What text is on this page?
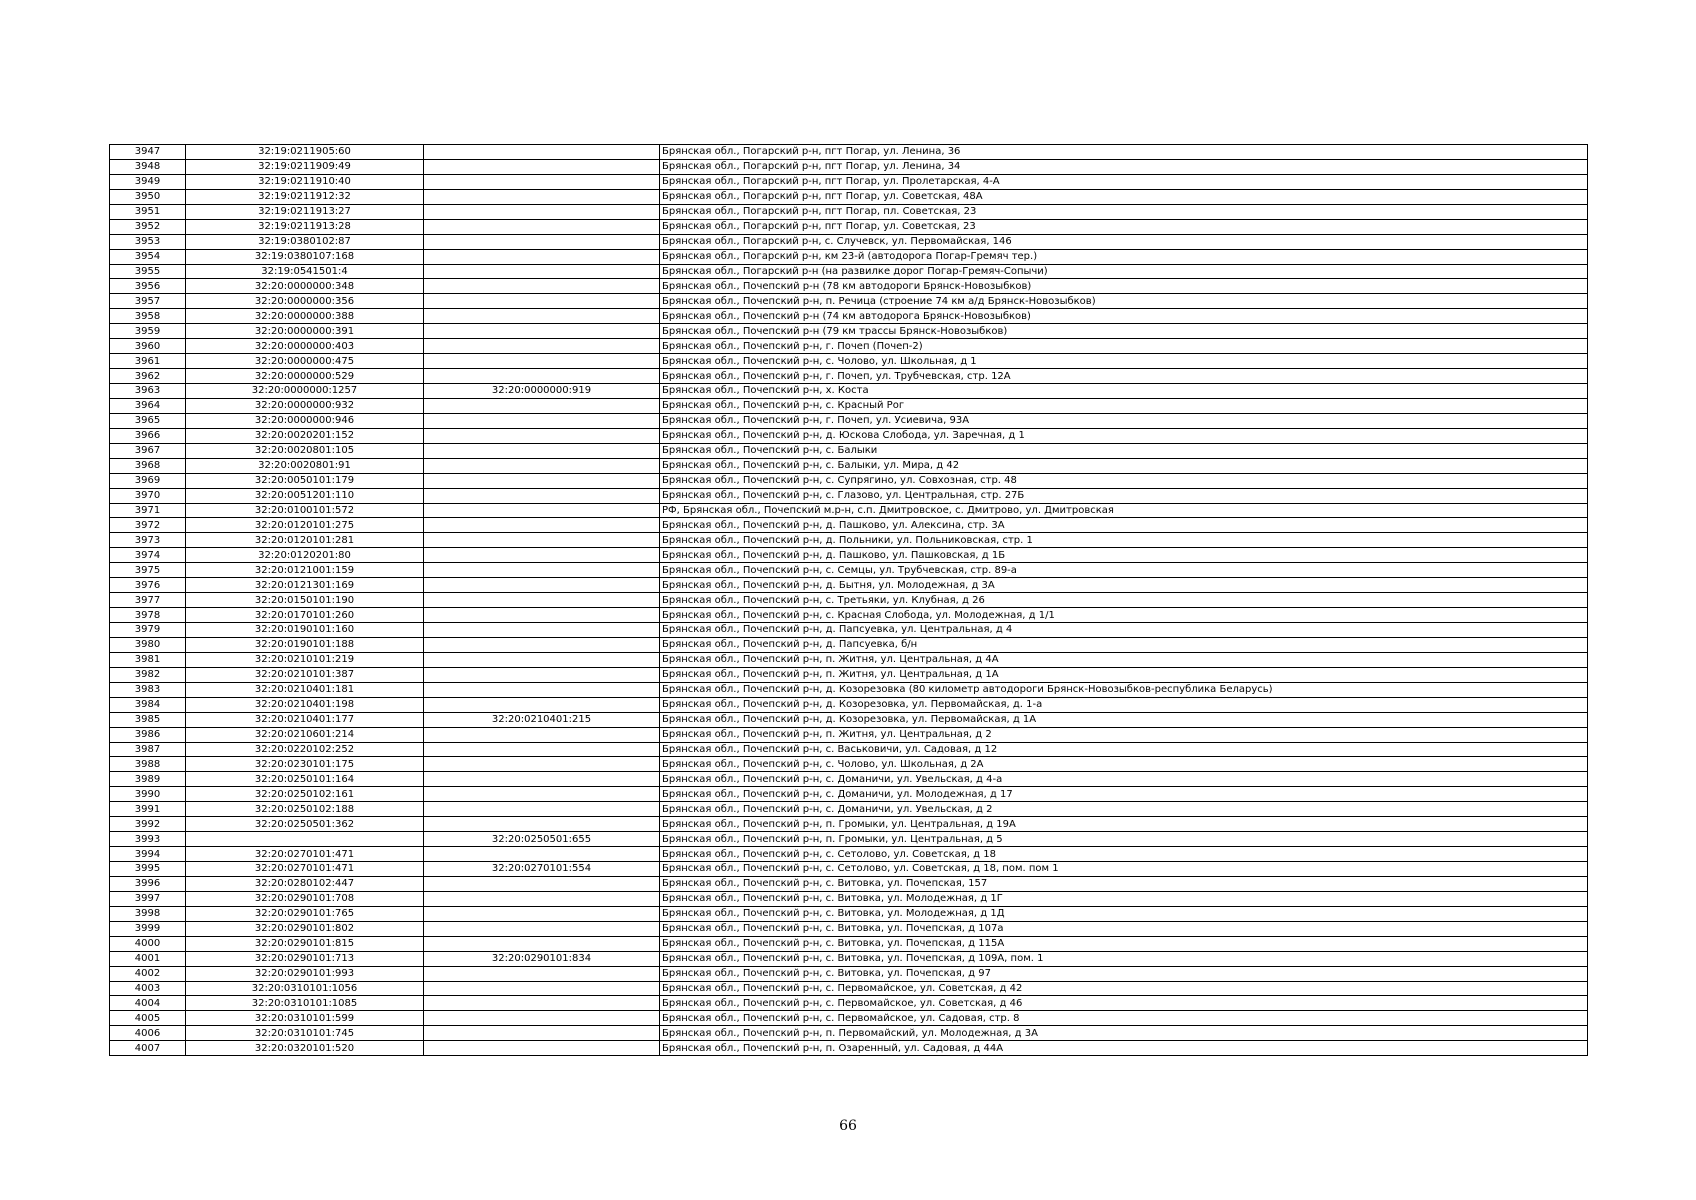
3947	32:19:0211905:60		Брянская обл., Погарский р-н, пгт Погар, ул. Ленина, 36
3948	32:19:0211909:49		Брянская обл., Погарский р-н, пгт Погар, ул. Ленина, 34
3949	32:19:0211910:40		Брянская обл., Погарский р-н, пгт Погар, ул. Пролетарская, 4-А
3950	32:19:0211912:32		Брянская обл., Погарский р-н, пгт Погар, ул. Советская, 48А
3951	32:19:0211913:27		Брянская обл., Погарский р-н, пгт Погар, пл. Советская, 23
3952	32:19:0211913:28		Брянская обл., Погарский р-н, пгт Погар, ул. Советская, 23
3953	32:19:0380102:87		Брянская обл., Погарский р-н, с. Случевск, ул. Первомайская, 146
3954	32:19:0380107:168		Брянская обл., Погарский р-н, км 23-й (автодорога Погар-Гремяч тер.)
3955	32:19:0541501:4		Брянская обл., Погарский р-н (на развилке дорог Погар-Гремяч-Сопычи)
3956	32:20:0000000:348		Брянская обл., Почепский р-н (78 км автодороги Брянск-Новозыбков)
3957	32:20:0000000:356		Брянская обл., Почепский р-н, п. Речица (строение 74 км а/д Брянск-Новозыбков)
3958	32:20:0000000:388		Брянская обл., Почепский р-н (74 км автодорога Брянск-Новозыбков)
3959	32:20:0000000:391		Брянская обл., Почепский р-н (79 км трассы Брянск-Новозыбков)
3960	32:20:0000000:403		Брянская обл., Почепский р-н, г. Почеп (Почеп-2)
3961	32:20:0000000:475		Брянская обл., Почепский р-н, с. Чолово, ул. Школьная, д 1
3962	32:20:0000000:529		Брянская обл., Почепский р-н, г. Почеп, ул. Трубчевская, стр. 12А
3963	32:20:0000000:1257	32:20:0000000:919	Брянская обл., Почепский р-н, х. Коста
3964	32:20:0000000:932		Брянская обл., Почепский р-н, с. Красный Рог
3965	32:20:0000000:946		Брянская обл., Почепский р-н, г. Почеп, ул. Усиевича, 93А
3966	32:20:0020201:152		Брянская обл., Почепский р-н, д. Юскова Слобода, ул. Заречная, д 1
3967	32:20:0020801:105		Брянская обл., Почепский р-н, с. Балыки
3968	32:20:0020801:91		Брянская обл., Почепский р-н, с. Балыки, ул. Мира, д 42
3969	32:20:0050101:179		Брянская обл., Почепский р-н, с. Супрягино, ул. Совхозная, стр. 48
3970	32:20:0051201:110		Брянская обл., Почепский р-н, с. Глазово, ул. Центральная, стр. 27Б
3971	32:20:0100101:572		РФ, Брянская обл., Почепский м.р-н, с.п. Дмитровское, с. Дмитрово, ул. Дмитровская
3972	32:20:0120101:275		Брянская обл., Почепский р-н, д. Пашково, ул. Алексина, стр. 3А
3973	32:20:0120101:281		Брянская обл., Почепский р-н, д. Польники, ул. Польниковская, стр. 1
3974	32:20:0120201:80		Брянская обл., Почепский р-н, д. Пашково, ул. Пашковская, д 1Б
3975	32:20:0121001:159		Брянская обл., Почепский р-н, с. Семцы, ул. Трубчевская, стр. 89-а
3976	32:20:0121301:169		Брянская обл., Почепский р-н, д. Бытня, ул. Молодежная, д 3А
3977	32:20:0150101:190		Брянская обл., Почепский р-н, с. Третьяки, ул. Клубная, д 26
3978	32:20:0170101:260		Брянская обл., Почепский р-н, с. Красная Слобода, ул. Молодежная, д 1/1
3979	32:20:0190101:160		Брянская обл., Почепский р-н, д. Папсуевка, ул. Центральная, д 4
3980	32:20:0190101:188		Брянская обл., Почепский р-н, д. Папсуевка, б/н
3981	32:20:0210101:219		Брянская обл., Почепский р-н, п. Житня, ул. Центральная, д 4А
3982	32:20:0210101:387		Брянская обл., Почепский р-н, п. Житня, ул. Центральная, д 1А
3983	32:20:0210401:181		Брянская обл., Почепский р-н, д. Козорезовка (80 километр автодороги Брянск-Новозыбков-республика Беларусь)
3984	32:20:0210401:198		Брянская обл., Почепский р-н, д. Козорезовка, ул. Первомайская, д. 1-а
3985	32:20:0210401:177	32:20:0210401:215	Брянская обл., Почепский р-н, д. Козорезовка, ул. Первомайская, д 1А
3986	32:20:0210601:214		Брянская обл., Почепский р-н, п. Житня, ул. Центральная, д 2
3987	32:20:0220102:252		Брянская обл., Почепский р-н, с. Васьковичи, ул. Садовая, д 12
3988	32:20:0230101:175		Брянская обл., Почепский р-н, с. Чолово, ул. Школьная, д 2А
3989	32:20:0250101:164		Брянская обл., Почепский р-н, с. Доманичи, ул. Увельская, д 4-а
3990	32:20:0250102:161		Брянская обл., Почепский р-н, с. Доманичи, ул. Молодежная, д 17
3991	32:20:0250102:188		Брянская обл., Почепский р-н, с. Доманичи, ул. Увельская, д 2
3992	32:20:0250501:362		Брянская обл., Почепский р-н, п. Громыки, ул. Центральная, д 19А
3993		32:20:0250501:655	Брянская обл., Почепский р-н, п. Громыки, ул. Центральная, д 5
3994	32:20:0270101:471		Брянская обл., Почепский р-н, с. Сетолово, ул. Советская, д 18
3995	32:20:0270101:471	32:20:0270101:554	Брянская обл., Почепский р-н, с. Сетолово, ул. Советская, д 18, пом. пом 1
3996	32:20:0280102:447		Брянская обл., Почепский р-н, с. Витовка, ул. Почепская, 157
3997	32:20:0290101:708		Брянская обл., Почепский р-н, с. Витовка, ул. Молодежная, д 1Г
3998	32:20:0290101:765		Брянская обл., Почепский р-н, с. Витовка, ул. Молодежная, д 1Д
3999	32:20:0290101:802		Брянская обл., Почепский р-н, с. Витовка, ул. Почепская, д 107а
4000	32:20:0290101:815		Брянская обл., Почепский р-н, с. Витовка, ул. Почепская, д 115А
4001	32:20:0290101:713	32:20:0290101:834	Брянская обл., Почепский р-н, с. Витовка, ул. Почепская, д 109А, пом. 1
4002	32:20:0290101:993		Брянская обл., Почепский р-н, с. Витовка, ул. Почепская, д 97
4003	32:20:0310101:1056		Брянская обл., Почепский р-н, с. Первомайское, ул. Советская, д 42
4004	32:20:0310101:1085		Брянская обл., Почепский р-н, с. Первомайское, ул. Советская, д 46
4005	32:20:0310101:599		Брянская обл., Почепский р-н, с. Первомайское, ул. Садовая, стр. 8
4006	32:20:0310101:745		Брянская обл., Почепский р-н, п. Первомайский, ул. Молодежная, д 3А
4007	32:20:0320101:520		Брянская обл., Почепский р-н, п. Озаренный, ул. Садовая, д 44А
66
